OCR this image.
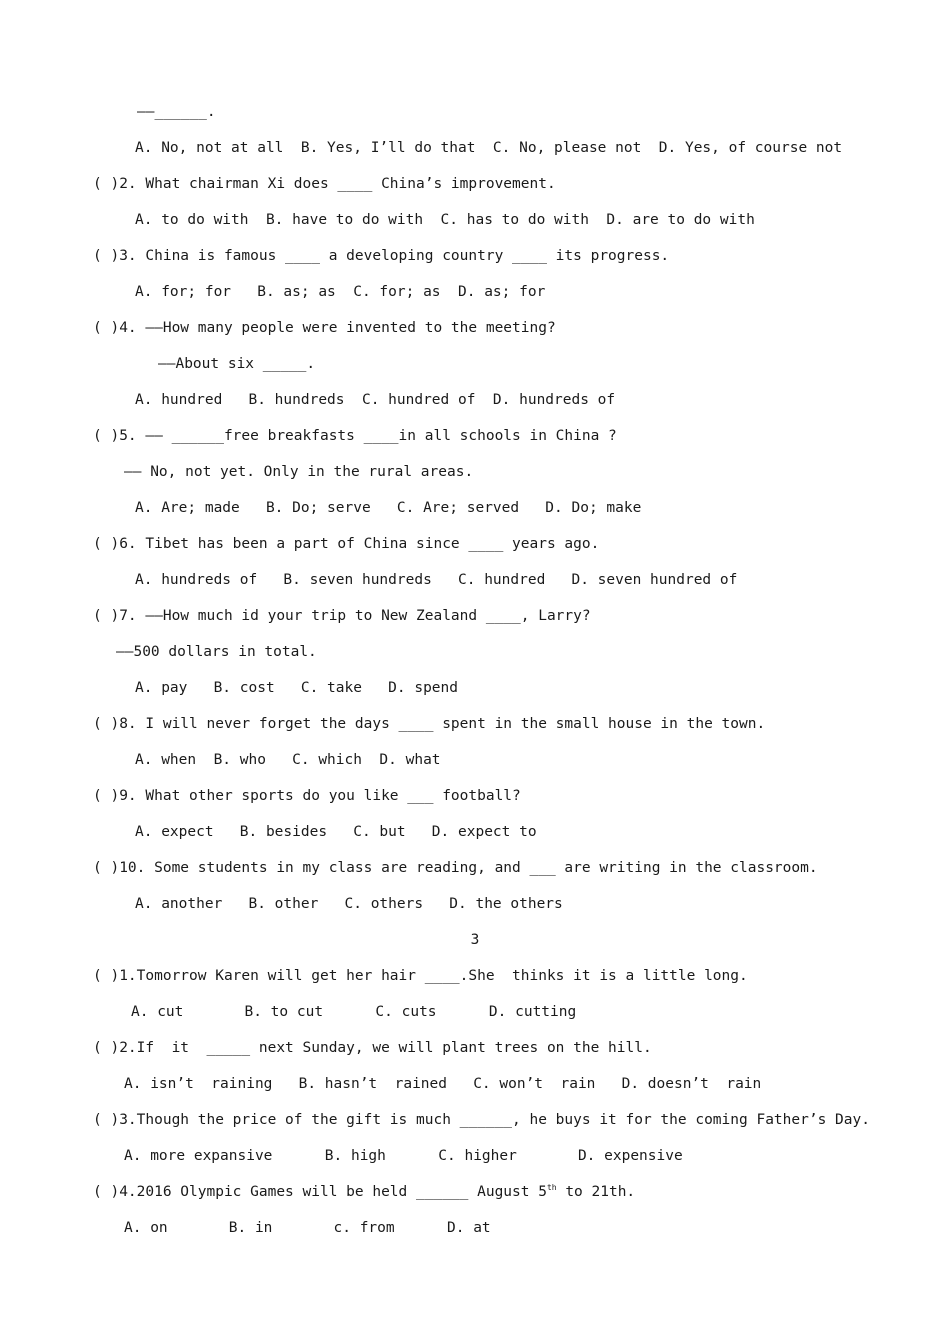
——______.
A. No, not at all  B. Yes, I’ll do that  C. No, please not  D. Yes, of course not
( )2. What chairman Xi does ____ China’s improvement.
A. to do with  B. have to do with  C. has to do with  D. are to do with
( )3. China is famous ____ a developing country ____ its progress.
A. for; for   B. as; as  C. for; as  D. as; for
( )4. ——How many people were invented to the meeting?
——About six _____.
A. hundred   B. hundreds  C. hundred of  D. hundreds of
( )5. —— ______free breakfasts ____in all schools in China ?
—— No, not yet. Only in the rural areas.
A. Are; made   B. Do; serve   C. Are; served   D. Do; make
( )6. Tibet has been a part of China since ____ years ago.
A. hundreds of   B. seven hundreds   C. hundred   D. seven hundred of
( )7. ——How much id your trip to New Zealand ____, Larry?
——500 dollars in total.
A. pay   B. cost   C. take   D. spend
( )8. I will never forget the days ____ spent in the small house in the town.
A. when  B. who   C. which  D. what
( )9. What other sports do you like ___ football?
A. expect   B. besides   C. but   D. expect to
( )10. Some students in my class are reading, and ___ are writing in the classroom.
A. another   B. other   C. others   D. the others
3
( )1.Tomorrow Karen will get her hair ____.She  thinks it is a little long.
A. cut       B. to cut      C. cuts      D. cutting
( )2.If  it  _____ next Sunday, we will plant trees on the hill.
A. isn’t  raining   B. hasn’t  rained   C. won’t  rain   D. doesn’t  rain
( )3.Though the price of the gift is much ______, he buys it for the coming Father’s Day.
A. more expansive      B. high      C. higher       D. expensive
( )4.2016 Olympic Games will be held ______ August 5th to 21th.
A. on       B. in       c. from      D. at
